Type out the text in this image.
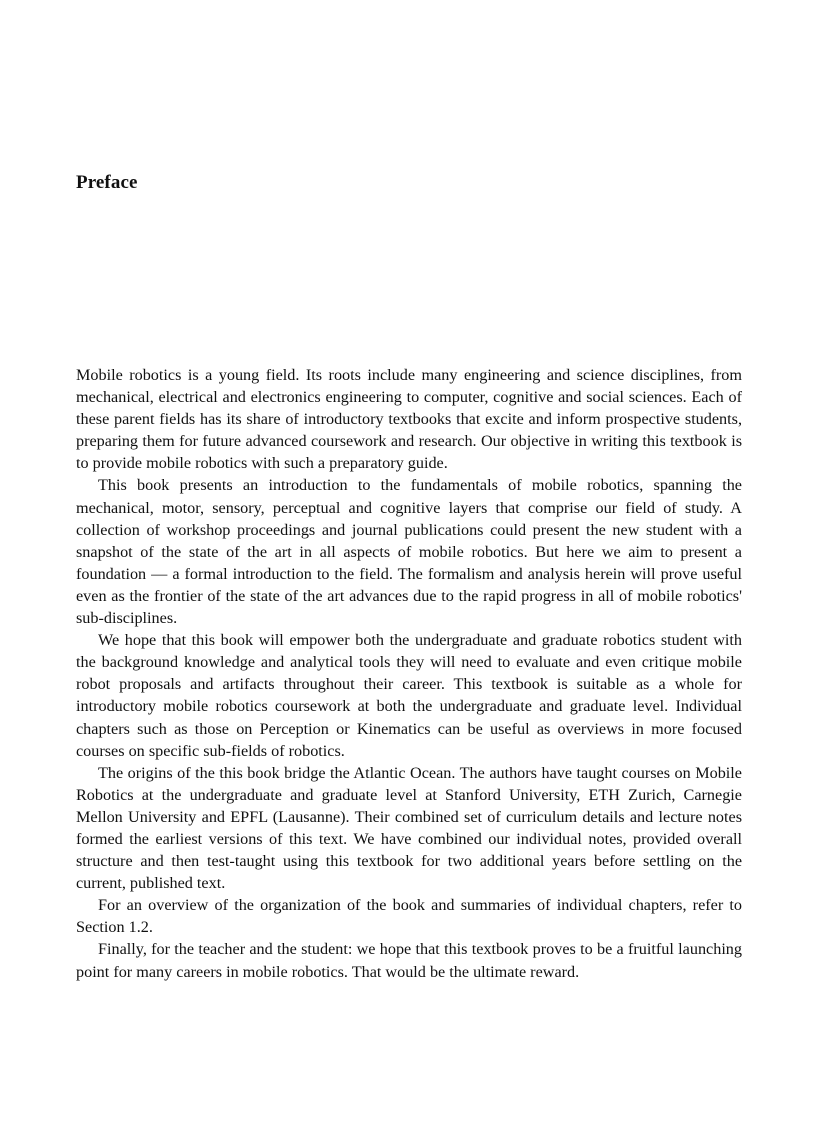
Preface

Mobile robotics is a young field. Its roots include many engineering and science disciplines, from mechanical, electrical and electronics engineering to computer, cognitive and social sciences. Each of these parent fields has its share of introductory textbooks that excite and inform prospective students, preparing them for future advanced coursework and research. Our objective in writing this textbook is to provide mobile robotics with such a preparatory guide.

This book presents an introduction to the fundamentals of mobile robotics, spanning the mechanical, motor, sensory, perceptual and cognitive layers that comprise our field of study. A collection of workshop proceedings and journal publications could present the new student with a snapshot of the state of the art in all aspects of mobile robotics. But here we aim to present a foundation — a formal introduction to the field. The formalism and analysis herein will prove useful even as the frontier of the state of the art advances due to the rapid progress in all of mobile robotics' sub-disciplines.

We hope that this book will empower both the undergraduate and graduate robotics student with the background knowledge and analytical tools they will need to evaluate and even critique mobile robot proposals and artifacts throughout their career. This textbook is suitable as a whole for introductory mobile robotics coursework at both the undergraduate and graduate level. Individual chapters such as those on Perception or Kinematics can be useful as overviews in more focused courses on specific sub-fields of robotics.

The origins of the this book bridge the Atlantic Ocean. The authors have taught courses on Mobile Robotics at the undergraduate and graduate level at Stanford University, ETH Zurich, Carnegie Mellon University and EPFL (Lausanne). Their combined set of curriculum details and lecture notes formed the earliest versions of this text. We have combined our individual notes, provided overall structure and then test-taught using this textbook for two additional years before settling on the current, published text.

For an overview of the organization of the book and summaries of individual chapters, refer to Section 1.2.

Finally, for the teacher and the student: we hope that this textbook proves to be a fruitful launching point for many careers in mobile robotics. That would be the ultimate reward.
